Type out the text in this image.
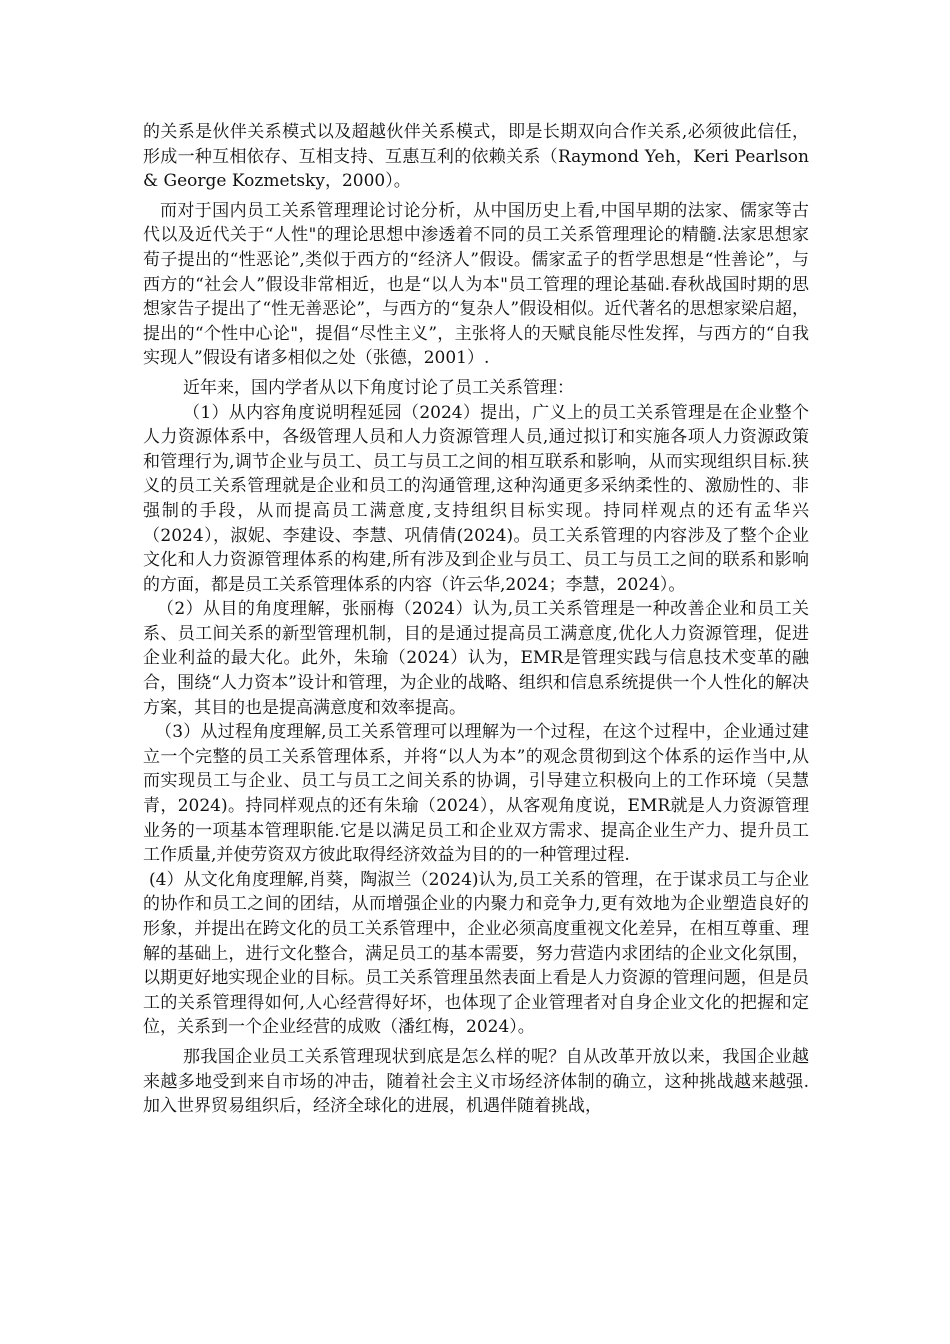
的关系是伙伴关系模式以及超越伙伴关系模式，即是长期双向合作关系,必须彼此信任，形成一种互相依存、互相支持、互惠互利的依赖关系（Raymond Yeh，Keri Pearlson & George Kozmetsky，2000）。

而对于国内员工关系管理理论讨论分析，从中国历史上看,中国早期的法家、儒家等古代以及近代关于“人性"的理论思想中渗透着不同的员工关系管理理论的精髓.法家思想家荀子提出的“性恶论”,类似于西方的“经济人”假设。儒家孟子的哲学思想是“性善论”，与西方的“社会人”假设非常相近，也是“以人为本"员工管理的理论基础.春秋战国时期的思想家告子提出了“性无善恶论”，与西方的“复杂人”假设相似。近代著名的思想家梁启超，提出的“个性中心论"，提倡“尽性主义”，主张将人的天赋良能尽性发挥，与西方的“自我实现人”假设有诸多相似之处（张德，2001）.

近年来，国内学者从以下角度讨论了员工关系管理：

（1）从内容角度说明程延园（2024）提出，广义上的员工关系管理是在企业整个人力资源体系中，各级管理人员和人力资源管理人员,通过拟订和实施各项人力资源政策和管理行为,调节企业与员工、员工与员工之间的相互联系和影响，从而实现组织目标.狭义的员工关系管理就是企业和员工的沟通管理,这种沟通更多采纳柔性的、激励性的、非强制的手段，从而提高员工满意度,支持组织目标实现。持同样观点的还有孟华兴（2024），淑妮、李建设、李慧、巩倩倩(2024)。员工关系管理的内容涉及了整个企业文化和人力资源管理体系的构建,所有涉及到企业与员工、员工与员工之间的联系和影响的方面，都是员工关系管理体系的内容（许云华,2024；李慧，2024）。

（2）从目的角度理解，张丽梅（2024）认为,员工关系管理是一种改善企业和员工关系、员工间关系的新型管理机制，目的是通过提高员工满意度,优化人力资源管理，促进企业利益的最大化。此外，朱瑜（2024）认为，EMR是管理实践与信息技术变革的融合，围绕“人力资本”设计和管理，为企业的战略、组织和信息系统提供一个人性化的解决方案，其目的也是提高满意度和效率提高。

（3）从过程角度理解,员工关系管理可以理解为一个过程，在这个过程中，企业通过建立一个完整的员工关系管理体系，并将“以人为本”的观念贯彻到这个体系的运作当中,从而实现员工与企业、员工与员工之间关系的协调，引导建立积极向上的工作环境（吴慧青，2024)。持同样观点的还有朱瑜（2024），从客观角度说，EMR就是人力资源管理业务的一项基本管理职能.它是以满足员工和企业双方需求、提高企业生产力、提升员工工作质量,并使劳资双方彼此取得经济效益为目的的一种管理过程.

(4）从文化角度理解,肖葵，陶淑兰（2024)认为,员工关系的管理，在于谋求员工与企业的协作和员工之间的团结，从而增强企业的内聚力和竞争力,更有效地为企业塑造良好的形象，并提出在跨文化的员工关系管理中，企业必须高度重视文化差异，在相互尊重、理解的基础上，进行文化整合，满足员工的基本需要，努力营造内求团结的企业文化氛围，以期更好地实现企业的目标。员工关系管理虽然表面上看是人力资源的管理问题，但是员工的关系管理得如何,人心经营得好坏，也体现了企业管理者对自身企业文化的把握和定位，关系到一个企业经营的成败（潘红梅，2024）。

那我国企业员工关系管理现状到底是怎么样的呢？自从改革开放以来，我国企业越来越多地受到来自市场的冲击，随着社会主义市场经济体制的确立，这种挑战越来越强.加入世界贸易组织后，经济全球化的进展，机遇伴随着挑战，
